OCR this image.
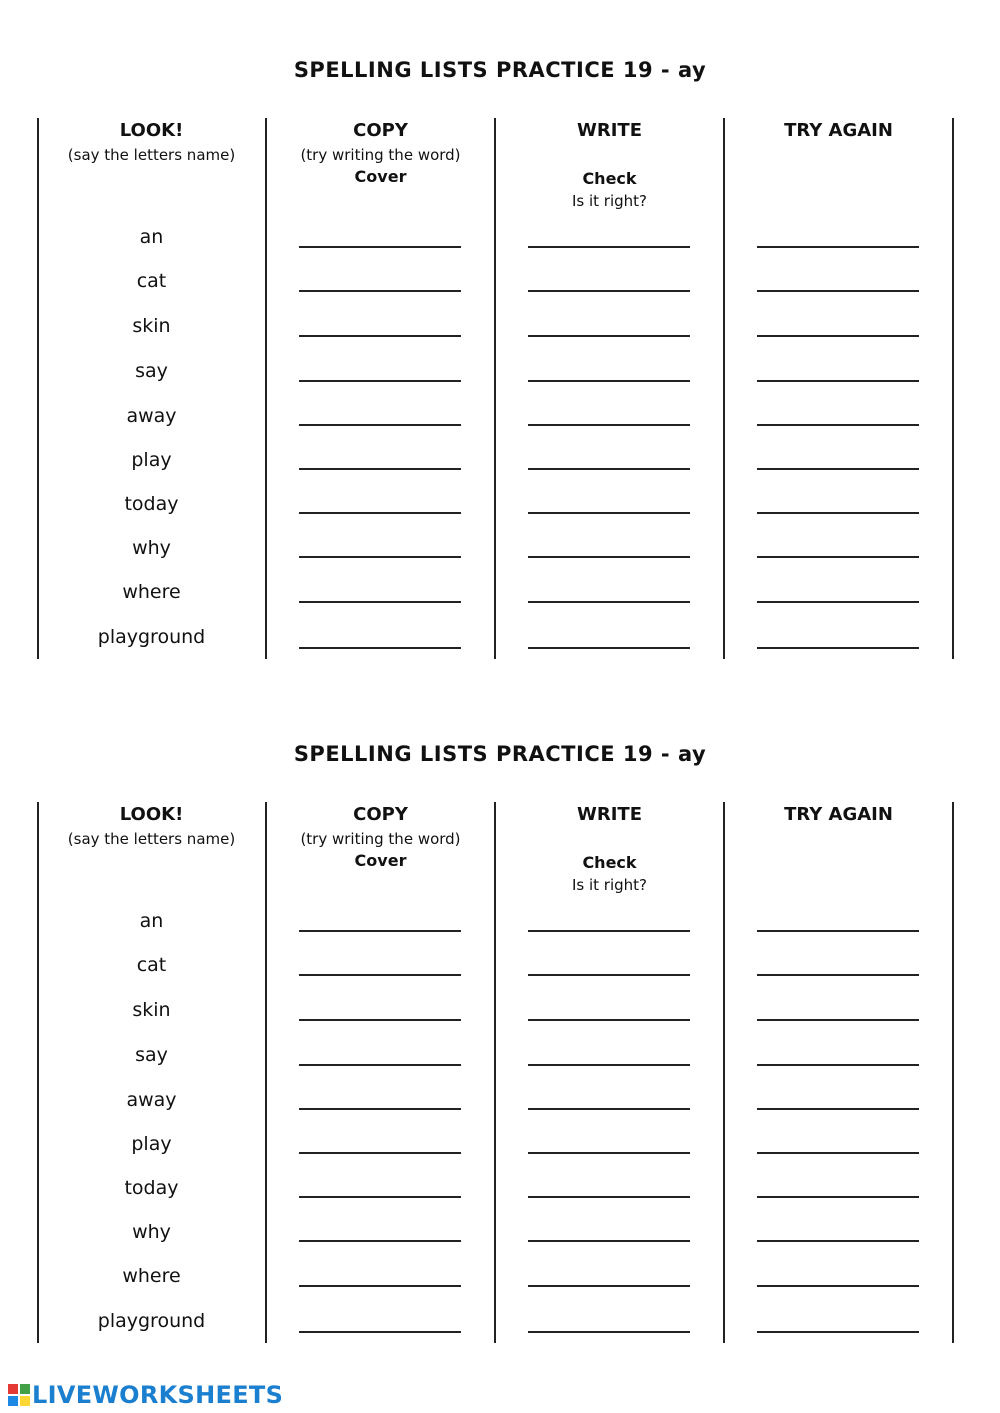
SPELLING LISTS PRACTICE 19 - ay
LOOK!
(say the letters name)
COPY
(try writing the word)
Cover
WRITE
Check
Is it right?
TRY AGAIN
an
cat
skin
say
away
play
today
why
where
playground
SPELLING LISTS PRACTICE 19 - ay
LOOK!
(say the letters name)
COPY
(try writing the word)
Cover
WRITE
Check
Is it right?
TRY AGAIN
an
cat
skin
say
away
play
today
why
where
playground
LIVEWORKSHEETS
